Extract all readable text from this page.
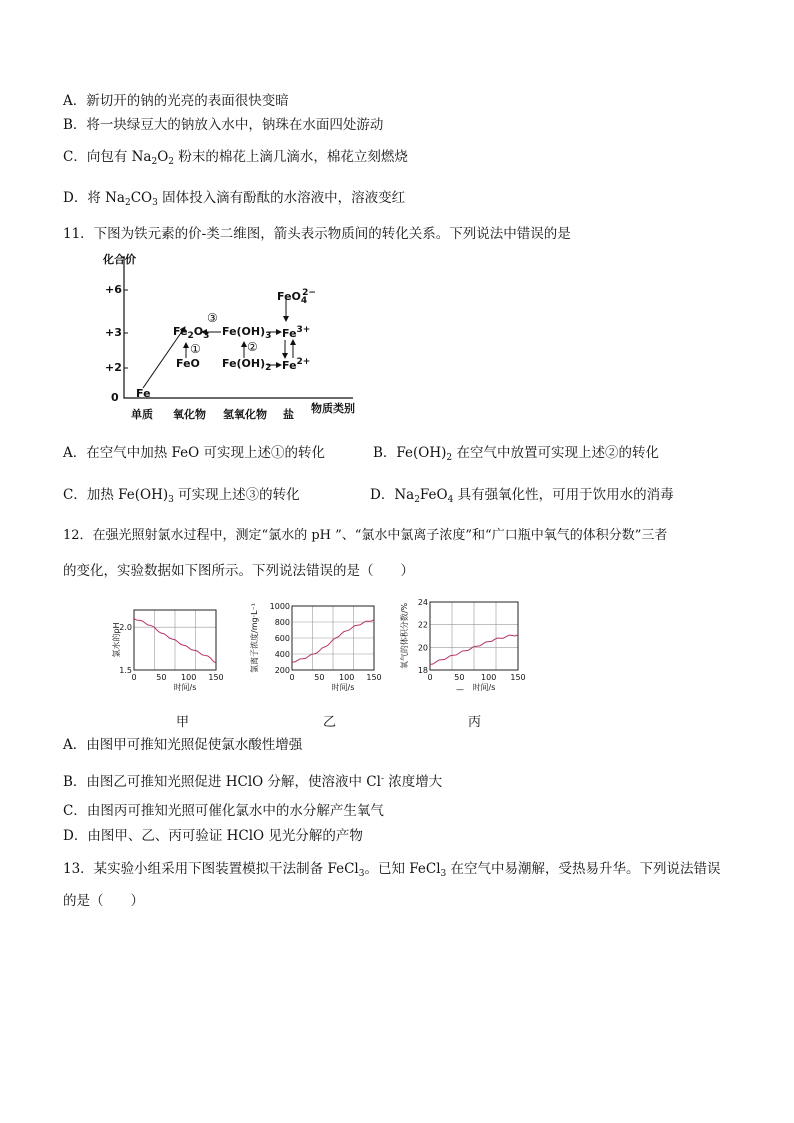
A．新切开的钠的光亮的表面很快变暗
B．将一块绿豆大的钠放入水中，钠珠在水面四处游动
C．向包有 $Na_2O_2$ 粉末的棉花上滴几滴水，棉花立刻燃烧
D．将 $Na_2CO_3$ 固体投入滴有酚酞的水溶液中，溶液变红
11．下图为铁元素的价-类二维图，箭头表示物质间的转化关系。下列说法中错误的是
化合价
+6
+3
+2
0
单质 氧化物 氢氧化物 盐 物质类别
Fe
FeO
$Fe_2O_3$ $Fe(OH)_3$
$Fe(OH)_2$
$Fe^{3+}$
$Fe^{2+}$
FeO$_4^{2-}$
①	②
③
A．在空气中加热 FeO 可实现上述①的转化	B．$Fe(OH)_2$ 在空气中放置可实现上述②的转化
C．加热 $Fe(OH)_3$ 可实现上述③的转化	D．$Na_2FeO_4$ 具有强氧化性，可用于饮用水的消毒
12．在强光照射氯水过程中，测定“氯水的 pH ”、“氯水中氯离子浓度”和“广口瓶中氧气的体积分数”三者
的变化，实验数据如下图所示。下列说法错误的是（　　）
1.5
2.0
0 50 100 150
时间/s
氯水的pH
200
400
600
800
1000
0 50 100 150
时间/s
氯离子浓度/mg·L⁻¹	18
20
22
24
0	50 100 150
时间/s
—
氧气的体积分数/%
甲	乙	丙
A．由图甲可推知光照促使氯水酸性增强
B．由图乙可推知光照促进 HClO 分解，使溶液中 Cl- 浓度增大
C．由图丙可推知光照可催化氯水中的水分解产生氧气
D．由图甲、乙、丙可验证 HClO 见光分解的产物
13．某实验小组采用下图装置模拟干法制备 FeCl$_3$。已知 FeCl$_3$ 在空气中易潮解，受热易升华。下列说法错误
的是（　　）
